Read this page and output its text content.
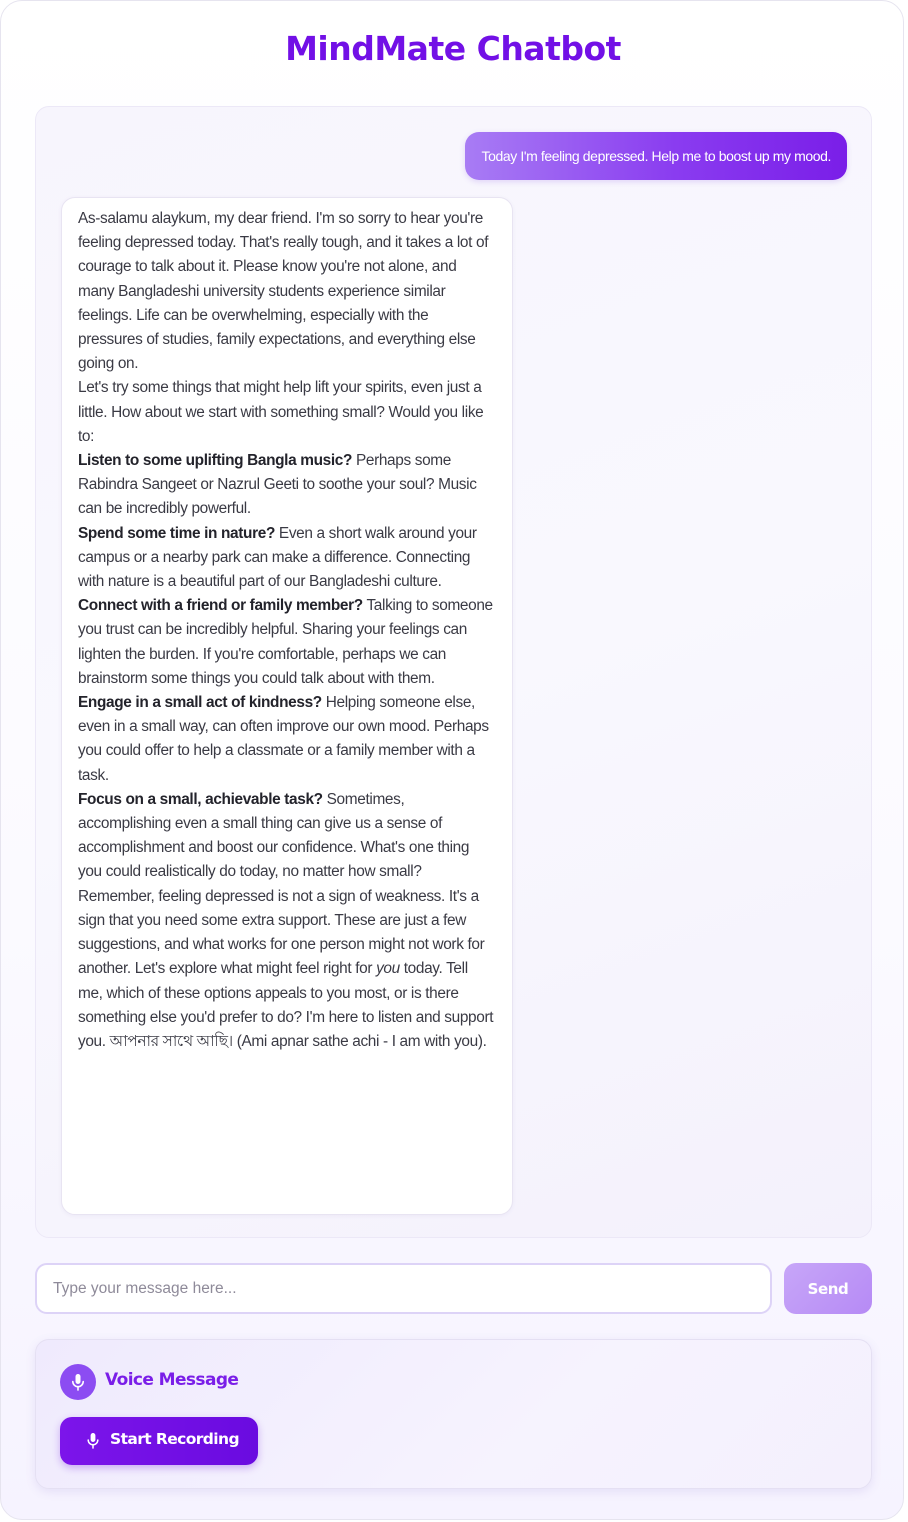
MindMate Chatbot
Today I'm feeling depressed. Help me to boost up my mood.

As-salamu alaykum, my dear friend. I'm so sorry to hear you're feeling depressed today. That's really tough, and it takes a lot of courage to talk about it. Please know you're not alone, and many Bangladeshi university students experience similar feelings. Life can be overwhelming, especially with the pressures of studies, family expectations, and everything else going on.

Let's try some things that might help lift your spirits, even just a little. How about we start with something small? Would you like to:

Listen to some uplifting Bangla music? Perhaps some Rabindra Sangeet or Nazrul Geeti to soothe your soul? Music can be incredibly powerful.

Spend some time in nature? Even a short walk around your campus or a nearby park can make a difference. Connecting with nature is a beautiful part of our Bangladeshi culture.

Connect with a friend or family member? Talking to someone you trust can be incredibly helpful. Sharing your feelings can lighten the burden. If you're comfortable, perhaps we can brainstorm some things you could talk about with them.

Engage in a small act of kindness? Helping someone else, even in a small way, can often improve our own mood. Perhaps you could offer to help a classmate or a family member with a task.

Focus on a small, achievable task? Sometimes, accomplishing even a small thing can give us a sense of accomplishment and boost our confidence. What's one thing you could realistically do today, no matter how small?

Remember, feeling depressed is not a sign of weakness. It's a sign that you need some extra support. These are just a few suggestions, and what works for one person might not work for another. Let's explore what might feel right for you today. Tell me, which of these options appeals to you most, or is there something else you'd prefer to do? I'm here to listen and support you. আপনার সাথে আছি। (Ami apnar sathe achi - I am with you).

Type your message here...
Send
Voice Message
Start Recording
